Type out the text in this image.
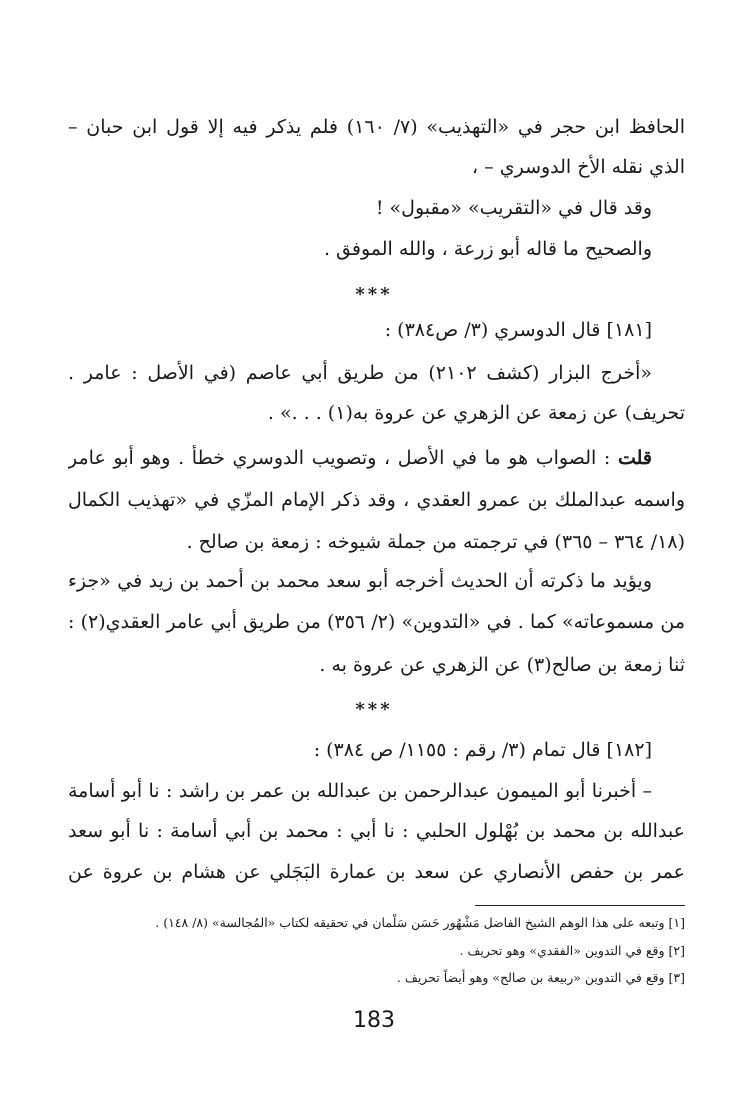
الحافظ ابن حجر في «التهذيب» (٧/ ١٦٠) فلم يذكر فيه إلا قول ابن حبان –
الذي نقله الأخ الدوسري – ،
وقد قال في «التقريب» «مقبول» !
والصحيح ما قاله أبو زرعة ، والله الموفق .
***
[١٨١] قال الدوسري (٣/ ص٣٨٤) :
«أخرج البزار (كشف ٢١٠٢) من طريق أبي عاصم (في الأصل : عامر .
تحريف) عن زمعة عن الزهري عن عروة به(١) . . .» .
قلت : الصواب هو ما في الأصل ، وتصويب الدوسري خطأ . وهو أبو عامر
واسمه عبدالملك بن عمرو العقدي ، وقد ذكر الإمام المزّي في «تهذيب الكمال
(١٨/ ٣٦٤ – ٣٦٥) في ترجمته من جملة شيوخه : زمعة بن صالح .
ويؤيد ما ذكرته أن الحديث أخرجه أبو سعد محمد بن أحمد بن زيد في «جزء
من مسموعاته» كما . في «التدوين» (٢/ ٣٥٦) من طريق أبي عامر العقدي(٢) :
ثنا زمعة بن صالح(٣) عن الزهري عن عروة به .
***
[١٨٢] قال تمام (٣/ رقم : ١١٥٥/ ص ٣٨٤) :
– أخبرنا أبو الميمون عبدالرحمن بن عبدالله بن عمر بن راشد : نا أبو أسامة
عبدالله بن محمد بن بُهْلول الحلبي : نا أبي : محمد بن أبي أسامة : نا أبو سعد
عمر بن حفص الأنصاري عن سعد بن عمارة البَجَلي عن هشام بن عروة عن
[١] وتبعه على هذا الوهم الشيخ الفاضل مَشْهُور حَسَن سَلْمان في تحقيقه لكتاب «المُجالسة» (٨/ ١٤٨) .
[٢] وقع في التدوين «الفقدي» وهو تحريف .
[٣] وقع في التدوين «ربيعة بن صالح» وهو أيضاً تحريف .
183
